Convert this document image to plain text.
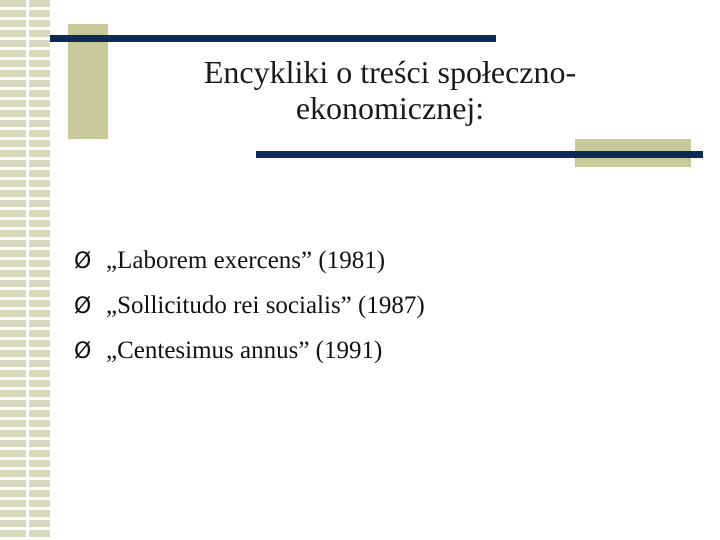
Encykliki o treści społeczno-
ekonomicznej:
Ø „Laborem exercens” (1981)
Ø „Sollicitudo rei socialis” (1987)
Ø „Centesimus annus” (1991)
